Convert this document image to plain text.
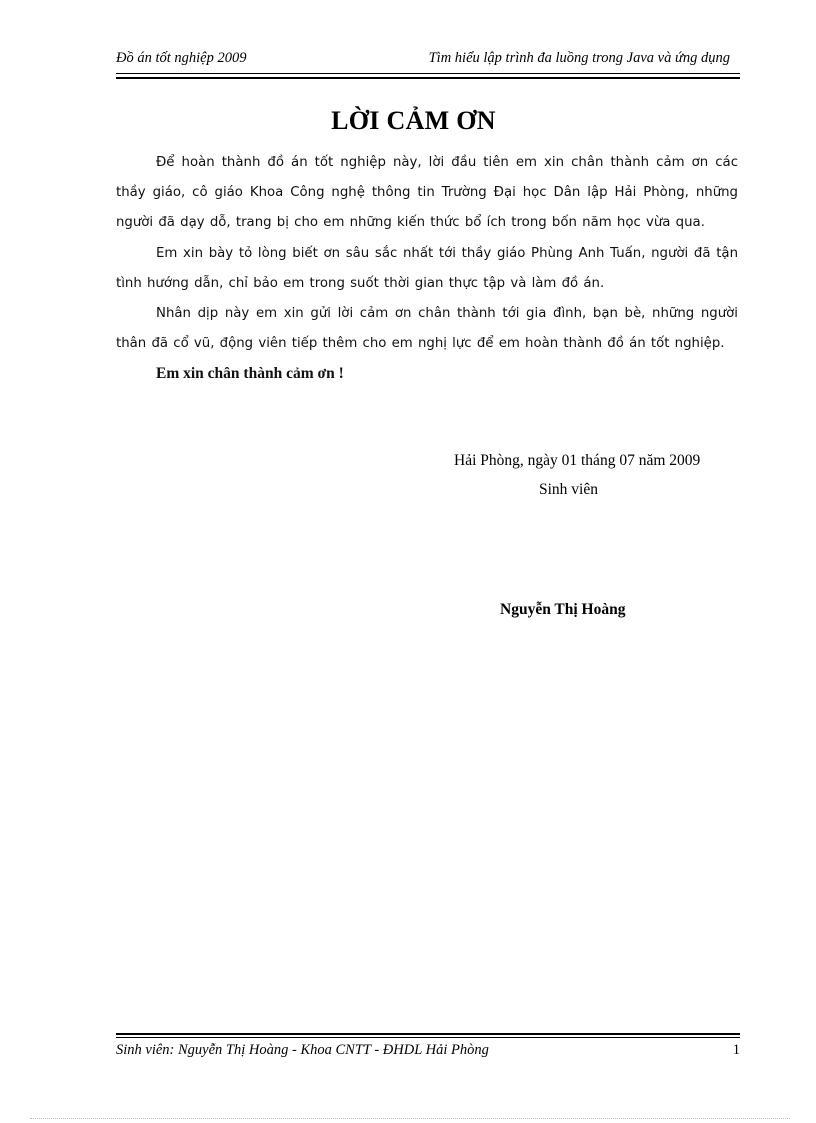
Đồ án tốt nghiệp 2009	Tìm hiểu lập trình đa luồng trong Java và ứng dụng
LỜI CẢM ƠN

Để hoàn thành đồ án tốt nghiệp này, lời đầu tiên em xin chân thành cảm ơn các thầy giáo, cô giáo Khoa Công nghệ thông tin Trường Đại học Dân lập Hải Phòng, những người đã dạy dỗ, trang bị cho em những kiến thức bổ ích trong bốn năm học vừa qua.

Em xin bày tỏ lòng biết ơn sâu sắc nhất tới thầy giáo Phùng Anh Tuấn, người đã tận tình hướng dẫn, chỉ bảo em trong suốt thời gian thực tập và làm đồ án.

Nhân dịp này em xin gửi lời cảm ơn chân thành tới gia đình, bạn bè, những người thân đã cổ vũ, động viên tiếp thêm cho em nghị lực để em hoàn thành đồ án tốt nghiệp.

Em xin chân thành cảm ơn !

Hải Phòng, ngày 01 tháng 07 năm 2009
Sinh viên
Nguyễn Thị Hoàng
Sinh viên: Nguyễn Thị Hoàng - Khoa CNTT - ĐHDL Hải Phòng	1
